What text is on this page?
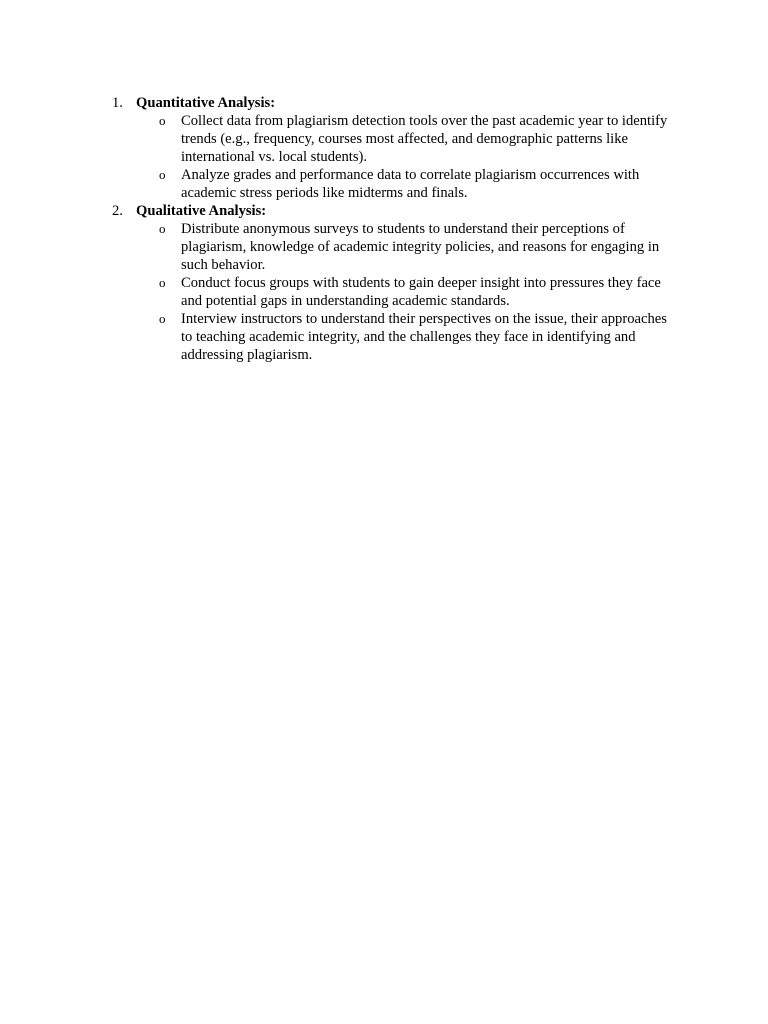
1. Quantitative Analysis:
o Collect data from plagiarism detection tools over the past academic year to identify trends (e.g., frequency, courses most affected, and demographic patterns like international vs. local students).
o Analyze grades and performance data to correlate plagiarism occurrences with academic stress periods like midterms and finals.
2. Qualitative Analysis:
o Distribute anonymous surveys to students to understand their perceptions of plagiarism, knowledge of academic integrity policies, and reasons for engaging in such behavior.
o Conduct focus groups with students to gain deeper insight into pressures they face and potential gaps in understanding academic standards.
o Interview instructors to understand their perspectives on the issue, their approaches to teaching academic integrity, and the challenges they face in identifying and addressing plagiarism.
